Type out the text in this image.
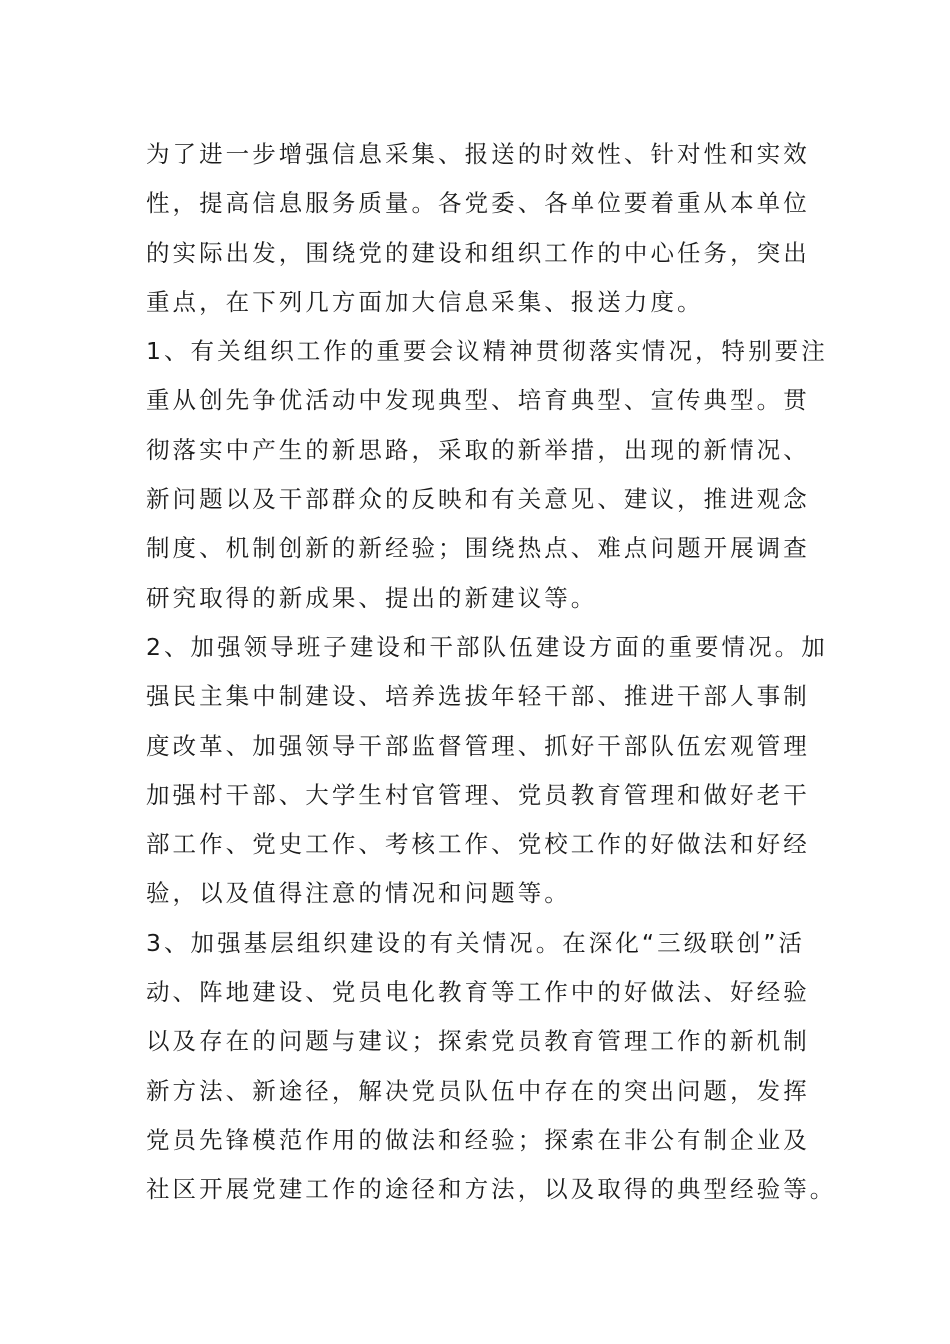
为了进一步增强信息采集、报送的时效性、针对性和实效
性，提高信息服务质量。各党委、各单位要着重从本单位
的实际出发，围绕党的建设和组织工作的中心任务，突出
重点，在下列几方面加大信息采集、报送力度。
1、有关组织工作的重要会议精神贯彻落实情况，特别要注
重从创先争优活动中发现典型、培育典型、宣传典型。贯
彻落实中产生的新思路，采取的新举措，出现的新情况、
新问题以及干部群众的反映和有关意见、建议，推进观念
制度、机制创新的新经验；围绕热点、难点问题开展调查
研究取得的新成果、提出的新建议等。
2、加强领导班子建设和干部队伍建设方面的重要情况。加
强民主集中制建设、培养选拔年轻干部、推进干部人事制
度改革、加强领导干部监督管理、抓好干部队伍宏观管理
加强村干部、大学生村官管理、党员教育管理和做好老干
部工作、党史工作、考核工作、党校工作的好做法和好经
验，以及值得注意的情况和问题等。
3、加强基层组织建设的有关情况。在深化“三级联创”活
动、阵地建设、党员电化教育等工作中的好做法、好经验
以及存在的问题与建议；探索党员教育管理工作的新机制
新方法、新途径，解决党员队伍中存在的突出问题，发挥
党员先锋模范作用的做法和经验；探索在非公有制企业及
社区开展党建工作的途径和方法，以及取得的典型经验等。
